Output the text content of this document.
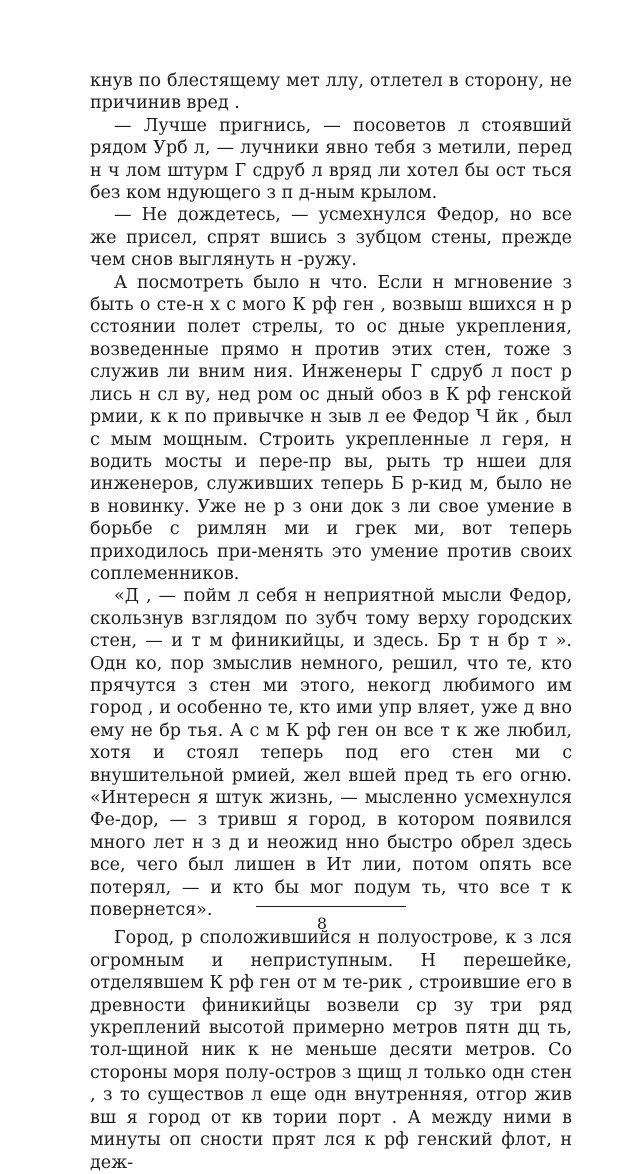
кнув по блестящему мет ллу, отлетел в сторону, не причинив вред .

— Лучше пригнись, — посоветов л стоявший рядом Урб л, — лучники явно тебя з метили, перед н ч лом штурм Г сдруб л вряд ли хотел бы ост ться без ком ндующего з п д-ным крылом.

— Не дождетесь, — усмехнулся Федор, но все же присел, спрят вшись з зубцом стены, прежде чем снов выглянуть н -ружу.

А посмотреть было н что. Если н мгновение з быть о сте-н х с мого К рф ген , возвыш вшихся н р сстоянии полет стрелы, то ос дные укрепления, возведенные прямо н против этих стен, тоже з служив ли вним ния. Инженеры Г сдруб л пост р лись н сл ву, нед ром ос дный обоз в К рф генской рмии, к к по привычке н зыв л ее Федор Ч йк , был с мым мощным. Строить укрепленные л геря, н водить мосты и пере-пр вы, рыть тр ншеи для инженеров, служивших теперь Б р-кид м, было не в новинку. Уже не р з они док з ли свое умение в борьбе с римлян ми и грек ми, вот теперь приходилось при-менять это умение против своих соплеменников.

«Д , — пойм л себя н неприятной мысли Федор, скользнув взглядом по зубч тому верху городских стен, — и т м финикийцы, и здесь. Бр т н бр т ». Одн ко, пор змыслив немного, решил, что те, кто прячутся з стен ми этого, некогд любимого им город , и особенно те, кто ими упр вляет, уже д вно ему не бр тья. А с м К рф ген он все т к же любил, хотя и стоял теперь под его стен ми с внушительной рмией, жел вшей пред ть его огню. «Интересн я штук жизнь, — мысленно усмехнулся Фе-дор, — з тривш я город, в котором появился много лет н з д и неожид нно быстро обрел здесь все, чего был лишен в Ит лии, потом опять все потерял, — и кто бы мог подум ть, что все т к повернется».

Город, р сположившийся н полуострове, к з лся огромным и неприступным. Н перешейке, отделявшем К рф ген от м те-рик , строившие его в древности финикийцы возвели ср зу три ряд укреплений высотой примерно метров пятн дц ть, тол-щиной ник к не меньше десяти метров. Со стороны моря полу-остров з щищ л только одн стен , з то существов л еще одн внутренняя, отгор жив вш я город от кв тории порт . А между ними в минуты оп сности прят лся к рф генский флот, н деж-

8
